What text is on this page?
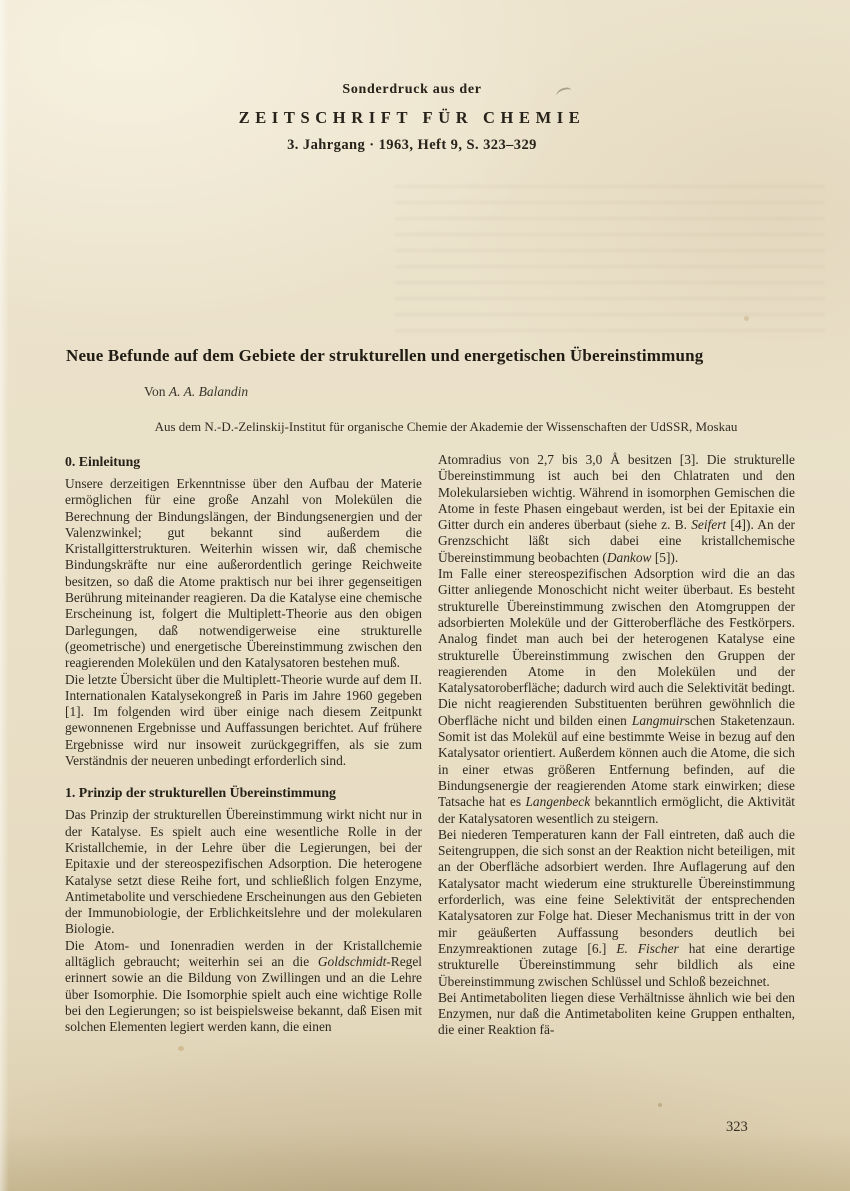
Sonderdruck aus der
ZEITSCHRIFT FÜR CHEMIE
3. Jahrgang · 1963, Heft 9, S. 323–329
Neue Befunde auf dem Gebiete der strukturellen und energetischen Übereinstimmung
Von A. A. Balandin
Aus dem N.-D.-Zelinskij-Institut für organische Chemie der Akademie der Wissenschaften der UdSSR, Moskau
0. Einleitung

Unsere derzeitigen Erkenntnisse über den Aufbau der Materie ermöglichen für eine große Anzahl von Molekülen die Berechnung der Bindungslängen, der Bindungsenergien und der Valenzwinkel; gut bekannt sind außerdem die Kristallgitterstrukturen. Weiterhin wissen wir, daß chemische Bindungskräfte nur eine außerordentlich geringe Reichweite besitzen, so daß die Atome praktisch nur bei ihrer gegenseitigen Berührung miteinander reagieren. Da die Katalyse eine chemische Erscheinung ist, folgert die Multiplett-Theorie aus den obigen Darlegungen, daß notwendigerweise eine strukturelle (geometrische) und energetische Übereinstimmung zwischen den reagierenden Molekülen und den Katalysatoren bestehen muß.

Die letzte Übersicht über die Multiplett-Theorie wurde auf dem II. Internationalen Katalysekongreß in Paris im Jahre 1960 gegeben [1]. Im folgenden wird über einige nach diesem Zeitpunkt gewonnenen Ergebnisse und Auffassungen berichtet. Auf frühere Ergebnisse wird nur insoweit zurückgegriffen, als sie zum Verständnis der neueren unbedingt erforderlich sind.

1. Prinzip der strukturellen Übereinstimmung

Das Prinzip der strukturellen Übereinstimmung wirkt nicht nur in der Katalyse. Es spielt auch eine wesentliche Rolle in der Kristallchemie, in der Lehre über die Legierungen, bei der Epitaxie und der stereospezifischen Adsorption. Die heterogene Katalyse setzt diese Reihe fort, und schließlich folgen Enzyme, Antimetabolite und verschiedene Erscheinungen aus den Gebieten der Immunobiologie, der Erblichkeitslehre und der molekularen Biologie.

Die Atom- und Ionenradien werden in der Kristallchemie alltäglich gebraucht; weiterhin sei an die Goldschmidt-Regel erinnert sowie an die Bildung von Zwillingen und an die Lehre über Isomorphie. Die Isomorphie spielt auch eine wichtige Rolle bei den Legierungen; so ist beispielsweise bekannt, daß Eisen mit solchen Elementen legiert werden kann, die einen

Atomradius von 2,7 bis 3,0 Å besitzen [3]. Die strukturelle Übereinstimmung ist auch bei den Chlatraten und den Molekularsieben wichtig. Während in isomorphen Gemischen die Atome in feste Phasen eingebaut werden, ist bei der Epitaxie ein Gitter durch ein anderes überbaut (siehe z. B. Seifert [4]). An der Grenzschicht läßt sich dabei eine kristallchemische Übereinstimmung beobachten (Dankow [5]).

Im Falle einer stereospezifischen Adsorption wird die an das Gitter anliegende Monoschicht nicht weiter überbaut. Es besteht strukturelle Übereinstimmung zwischen den Atomgruppen der adsorbierten Moleküle und der Gitteroberfläche des Festkörpers. Analog findet man auch bei der heterogenen Katalyse eine strukturelle Übereinstimmung zwischen den Gruppen der reagierenden Atome in den Molekülen und der Katalysatoroberfläche; dadurch wird auch die Selektivität bedingt. Die nicht reagierenden Substituenten berühren gewöhnlich die Oberfläche nicht und bilden einen Langmuirschen Staketenzaun. Somit ist das Molekül auf eine bestimmte Weise in bezug auf den Katalysator orientiert. Außerdem können auch die Atome, die sich in einer etwas größeren Entfernung befinden, auf die Bindungsenergie der reagierenden Atome stark einwirken; diese Tatsache hat es Langenbeck bekanntlich ermöglicht, die Aktivität der Katalysatoren wesentlich zu steigern.

Bei niederen Temperaturen kann der Fall eintreten, daß auch die Seitengruppen, die sich sonst an der Reaktion nicht beteiligen, mit an der Oberfläche adsorbiert werden. Ihre Auflagerung auf den Katalysator macht wiederum eine strukturelle Übereinstimmung erforderlich, was eine feine Selektivität der entsprechenden Katalysatoren zur Folge hat. Dieser Mechanismus tritt in der von mir geäußerten Auffassung besonders deutlich bei Enzymreaktionen zutage [6.] E. Fischer hat eine derartige strukturelle Übereinstimmung sehr bildlich als eine Übereinstimmung zwischen Schlüssel und Schloß bezeichnet.

Bei Antimetaboliten liegen diese Verhältnisse ähnlich wie bei den Enzymen, nur daß die Antimetaboliten keine Gruppen enthalten, die einer Reaktion fä-

323
